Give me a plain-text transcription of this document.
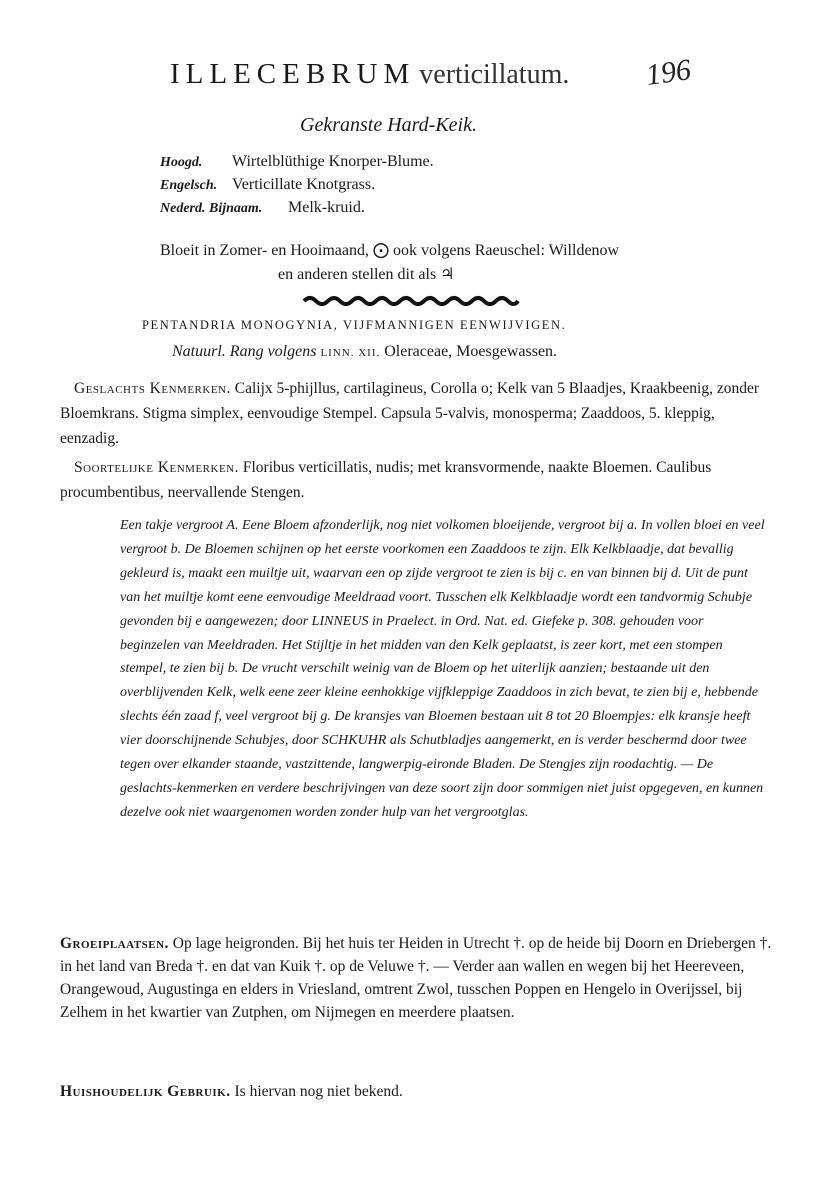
ILLECEBRUM verticillatum. 196
Gekranste Hard-Keik.
Hoogd. Wirtelblüthige Knorper-Blume.
Engelsch. Verticillate Knotgrass.
Nederd. Bijnaam. Melk-kruid.
Bloeit in Zomer- en Hooimaand, ⨀ ook volgens Raeuschel: Willdenow
en anderen stellen dit als ♃
PENTANDRIA MONOGYNIA, VIJFMANNIGEN EENWIJVIGEN.
Natuurl. Rang volgens LINN. XII. Oleraceae, Moesgewassen.
Geslachts Kenmerken. Calijx 5-phijllus, cartilagineus, Corolla o; Kelk van 5 Blaadjes, Kraakbeenig, zonder Bloemkrans. Stigma simplex, eenvoudige Stempel. Capsula 5-valvis, monosperma; Zaaddoos, 5. kleppig, eenzadig.
Soortelijke Kenmerken. Floribus verticillatis, nudis; met kransvormende, naakte Bloemen. Caulibus procumbentibus, neervallende Stengen.
Een takje vergroot A. Eene Bloem afzonderlijk, nog niet volkomen bloeijende, vergroot bij a. In vollen bloei en veel vergroot b. De Bloemen schijnen op het eerste voorkomen een Zaaddoos te zijn. Elk Kelkblaadje, dat bevallig gekleurd is, maakt een muiltje uit, waarvan een op zijde vergroot te zien is bij c. en van binnen bij d. Uit de punt van het muiltje komt eene eenvoudige Meeldraad voort. Tusschen elk Kelkblaadje wordt een tandvormig Schubje gevonden bij e aangewezen; door LINNEUS in Praelect. in Ord. Nat. ed. Giefeke p. 308. gehouden voor beginzelen van Meeldraden. Het Stijltje in het midden van den Kelk geplaatst, is zeer kort, met een stompen stempel, te zien bij b. De vrucht verschilt weinig van de Bloem op het uiterlijk aanzien; bestaande uit den overblijvenden Kelk, welk eene zeer kleine eenhokkige vijfkleppige Zaaddoos in zich bevat, te zien bij e, hebbende slechts één zaad f, veel vergroot bij g. De kransjes van Bloemen bestaan uit 8 tot 20 Bloempjes: elk kransje heeft vier doorschijnende Schubjes, door SCHKUHR als Schutbladjes aangemerkt, en is verder beschermd door twee tegen over elkander staande, vastzittende, langwerpig-eironde Bladen. De Stengjes zijn roodachtig. — De geslachts-kenmerken en verdere beschrijvingen van deze soort zijn door sommigen niet juist opgegeven, en kunnen dezelve ook niet waargenomen worden zonder hulp van het vergrootglas.
Groeiplaatsen. Op lage heigronden. Bij het huis ter Heiden in Utrecht †. op de heide bij Doorn en Driebergen †. in het land van Breda †. en dat van Kuik †. op de Veluwe †. — Verder aan wallen en wegen bij het Heereveen, Orangewoud, Augustinga en elders in Vriesland, omtrent Zwol, tusschen Poppen en Hengelo in Overijssel, bij Zelhem in het kwartier van Zutphen, om Nijmegen en meerdere plaatsen.
Huishoudelijk Gebruik. Is hiervan nog niet bekend.
